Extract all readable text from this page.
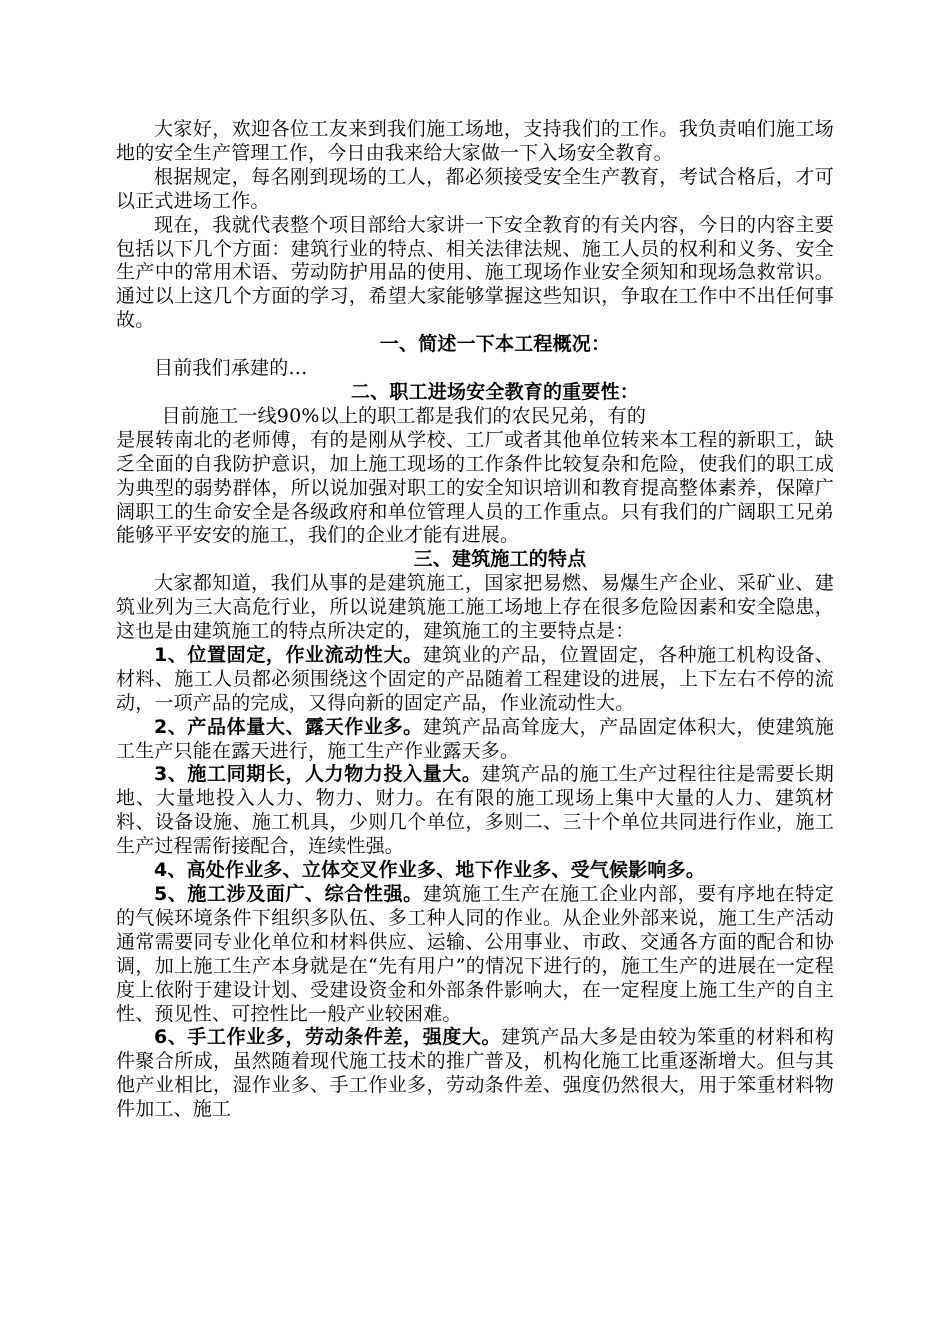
大家好，欢迎各位工友来到我们施工场地，支持我们的工作。我负责咱们施工场地的安全生产管理工作，今日由我来给大家做一下入场安全教育。

根据规定，每名刚到现场的工人，都必须接受安全生产教育，考试合格后，才可以正式进场工作。

现在，我就代表整个项目部给大家讲一下安全教育的有关内容，今日的内容主要包括以下几个方面：建筑行业的特点、相关法律法规、施工人员的权利和义务、安全生产中的常用术语、劳动防护用品的使用、施工现场作业安全须知和现场急救常识。通过以上这几个方面的学习，希望大家能够掌握这些知识，争取在工作中不出任何事故。

一、简述一下本工程概况：

目前我们承建的…

二、职工进场安全教育的重要性：

目前施工一线90%以上的职工都是我们的农民兄弟，有的

是展转南北的老师傅，有的是刚从学校、工厂或者其他单位转来本工程的新职工，缺乏全面的自我防护意识，加上施工现场的工作条件比较复杂和危险，使我们的职工成为典型的弱势群体，所以说加强对职工的安全知识培训和教育提高整体素养，保障广阔职工的生命安全是各级政府和单位管理人员的工作重点。只有我们的广阔职工兄弟能够平平安安的施工，我们的企业才能有进展。

三、建筑施工的特点

大家都知道，我们从事的是建筑施工，国家把易燃、易爆生产企业、采矿业、建筑业列为三大高危行业，所以说建筑施工施工场地上存在很多危险因素和安全隐患，这也是由建筑施工的特点所决定的，建筑施工的主要特点是：

1、位置固定，作业流动性大。建筑业的产品，位置固定，各种施工机构设备、材料、施工人员都必须围绕这个固定的产品随着工程建设的进展，上下左右不停的流动，一项产品的完成，又得向新的固定产品，作业流动性大。

2、产品体量大、露天作业多。建筑产品高耸庞大，产品固定体积大，使建筑施工生产只能在露天进行，施工生产作业露天多。

3、施工同期长，人力物力投入量大。建筑产品的施工生产过程往往是需要长期地、大量地投入人力、物力、财力。在有限的施工现场上集中大量的人力、建筑材料、设备设施、施工机具，少则几个单位，多则二、三十个单位共同进行作业，施工生产过程需衔接配合，连续性强。

4、高处作业多、立体交叉作业多、地下作业多、受气候影响多。

5、施工涉及面广、综合性强。建筑施工生产在施工企业内部，要有序地在特定的气候环境条件下组织多队伍、多工种人同的作业。从企业外部来说，施工生产活动通常需要同专业化单位和材料供应、运输、公用事业、市政、交通各方面的配合和协调，加上施工生产本身就是在“先有用户”的情况下进行的，施工生产的进展在一定程度上依附于建设计划、受建设资金和外部条件影响大，在一定程度上施工生产的自主性、预见性、可控性比一般产业较困难。

6、手工作业多，劳动条件差，强度大。建筑产品大多是由较为笨重的材料和构件聚合所成，虽然随着现代施工技术的推广普及，机构化施工比重逐渐增大。但与其他产业相比，湿作业多、手工作业多，劳动条件差、强度仍然很大，用于笨重材料物件加工、施工
